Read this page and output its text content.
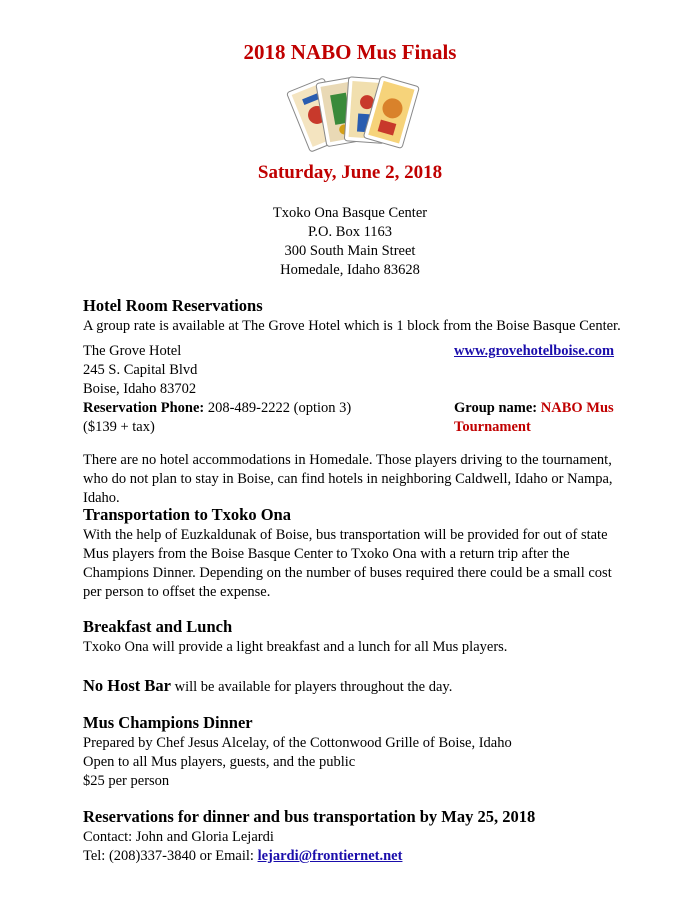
2018 NABO Mus Finals
Saturday, June 2, 2018
Txoko Ona Basque Center
P.O. Box 1163
300 South Main Street
Homedale, Idaho 83628
Hotel Room Reservations
A group rate is available at The Grove Hotel which is 1 block from the Boise Basque Center.
The Grove Hotel
245 S. Capital Blvd
Boise, Idaho 83702
Reservation Phone: 208-489-2222 (option 3)
($139 + tax)
www.grovehotelboise.com
Group name: NABO Mus Tournament
There are no hotel accommodations in Homedale. Those players driving to the tournament, who do not plan to stay in Boise, can find hotels in neighboring Caldwell, Idaho or Nampa, Idaho.
Transportation to Txoko Ona
With the help of Euzkaldunak of Boise, bus transportation will be provided for out of state Mus players from the Boise Basque Center to Txoko Ona with a return trip after the Champions Dinner. Depending on the number of buses required there could be a small cost per person to offset the expense.
Breakfast and Lunch
Txoko Ona will provide a light breakfast and a lunch for all Mus players.
No Host Bar will be available for players throughout the day.
Mus Champions Dinner
Prepared by Chef Jesus Alcelay, of the Cottonwood Grille of Boise, Idaho
Open to all Mus players, guests, and the public
$25 per person
Reservations for dinner and bus transportation by May 25, 2018
Contact: John and Gloria Lejardi
Tel: (208)337-3840 or Email: lejardi@frontiernet.net
